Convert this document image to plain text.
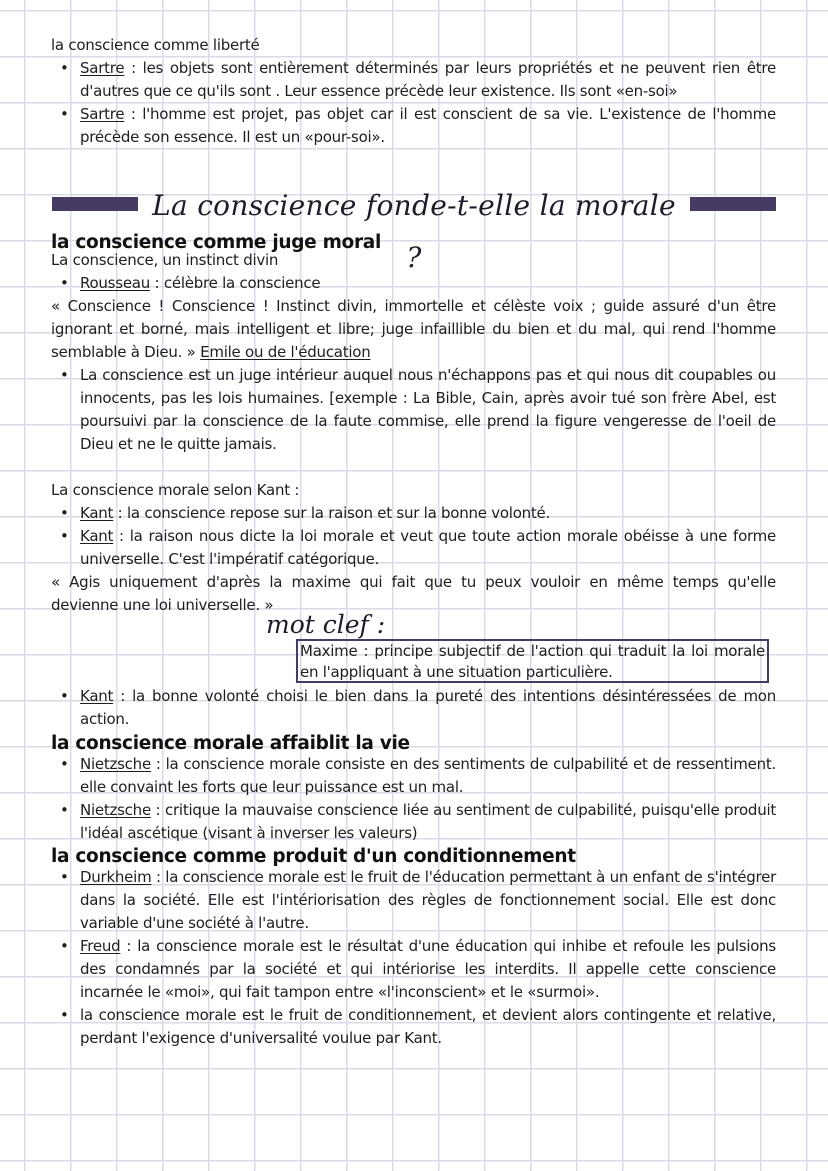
la conscience comme liberté
• Sartre : les objets sont entièrement déterminés par leurs propriétés et ne peuvent rien être d'autres que ce qu'ils sont . Leur essence précède leur existence. Ils sont «en-soi»
• Sartre : l'homme est projet, pas objet car il est conscient de sa vie. L'existence de l'homme précède son essence. Il est un «pour-soi».
La conscience fonde-t-elle la morale ?
la conscience comme juge moral
La conscience, un instinct divin
• Rousseau : célèbre la conscience
« Conscience ! Conscience ! Instinct divin, immortelle et célèste voix ; guide assuré d'un être ignorant et borné, mais intelligent et libre; juge infaillible du bien et du mal, qui rend l'homme semblable à Dieu. » Emile ou de l'éducation
• La conscience est un juge intérieur auquel nous n'échappons pas et qui nous dit coupables ou innocents, pas les lois humaines. [exemple : La Bible, Cain, après avoir tué son frère Abel, est poursuivi par la conscience de la faute commise, elle prend la figure vengeresse de l'oeil de Dieu et ne le quitte jamais.
La conscience morale selon Kant :
• Kant : la conscience repose sur la raison et sur la bonne volonté.
• Kant : la raison nous dicte la loi morale et veut que toute action morale obéisse à une forme universelle. C'est l'impératif catégorique.
« Agis uniquement d'après la maxime qui fait que tu peux vouloir en même temps qu'elle devienne une loi universelle. »
mot clef :
Maxime : principe subjectif de l'action qui traduit la loi morale en l'appliquant à une situation particulière.
• Kant : la bonne volonté choisi le bien dans la pureté des intentions désintéressées de mon action.
la conscience morale affaiblit la vie
• Nietzsche : la conscience morale consiste en des sentiments de culpabilité et de ressentiment. elle convaint les forts que leur puissance est un mal.
• Nietzsche : critique la mauvaise conscience liée au sentiment de culpabilité, puisqu'elle produit l'idéal ascétique (visant à inverser les valeurs)
la conscience comme produit d'un conditionnement
• Durkheim : la conscience morale est le fruit de l'éducation permettant à un enfant de s'intégrer dans la société. Elle est l'intériorisation des règles de fonctionnement social. Elle est donc variable d'une société à l'autre.
• Freud : la conscience morale est le résultat d'une éducation qui inhibe et refoule les pulsions des condamnés par la société et qui intériorise les interdits. Il appelle cette conscience incarnée le «moi», qui fait tampon entre «l'inconscient» et le «surmoi».
• la conscience morale est le fruit de conditionnement, et devient alors contingente et relative, perdant l'exigence d'universalité voulue par Kant.
